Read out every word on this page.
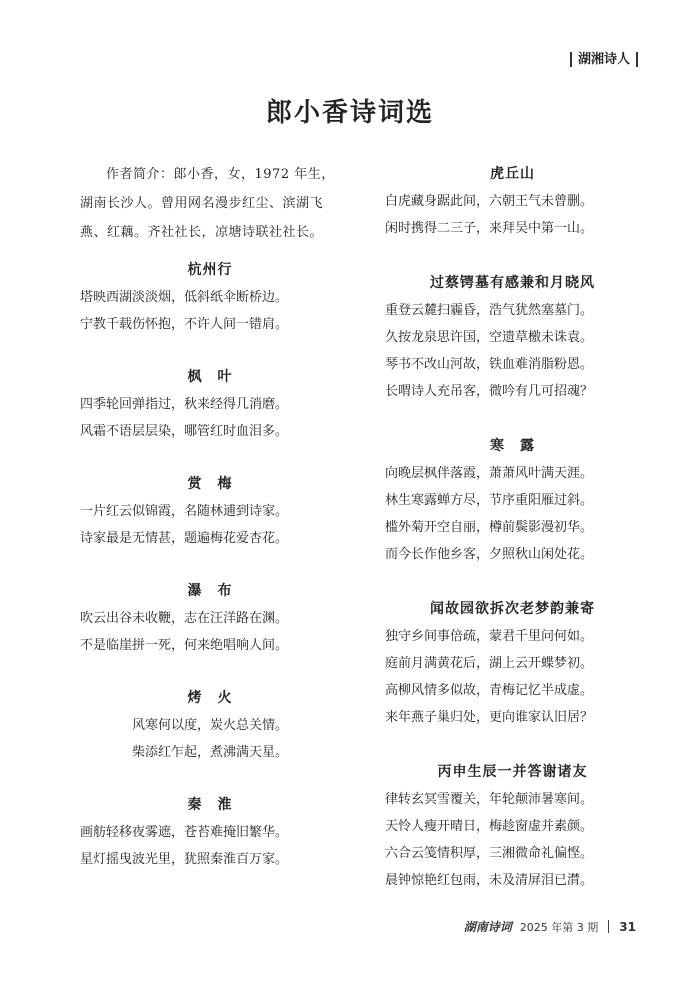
湖湘诗人
郎小香诗词选

作者简介：郎小香，女，1972 年生，湖南长沙人。曾用网名漫步红尘、滨湖飞燕、红藕。齐社社长，凉塘诗联社社长。

杭州行

塔映西湖淡淡烟，低斜纸伞断桥边。

宁教千载伤怀抱，不许人间一错肩。

枫　叶

四季轮回弹指过，秋来经得几消磨。

风霜不语层层染，哪管红时血泪多。

赏　梅

一片红云似锦霞，名随林逋到诗家。

诗家最是无情甚，题遍梅花爱杏花。

瀑　布

吹云出谷未收鞭，志在汪洋路在渊。

不是临崖拼一死，何来绝唱响人间。

烤　火

风寒何以度，炭火总关情。

柴添红乍起，煮沸满天星。

秦　淮

画舫轻移夜雾遮，苍苔难掩旧繁华。

星灯摇曳波光里，犹照秦淮百万家。

虎丘山

白虎藏身踞此间，六朝王气未曾删。

闲时携得二三子，来拜吴中第一山。

过蔡锷墓有感兼和月晓风

重登云麓扫霾昏，浩气犹然塞墓门。

久按龙泉思许国，空遗草檄未诛袁。

琴书不改山河故，铁血难消脂粉恩。

长喟诗人充吊客，微吟有几可招魂？

寒　露

向晚层枫伴落霞，萧萧风叶满天涯。

林生寒露蝉方尽，节序重阳雁过斜。

槛外菊开空自丽，樽前鬓影漫初华。

而今长作他乡客，夕照秋山闲处花。

闻故园欲拆次老梦韵兼寄

独守乡间事倍疏，蒙君千里问何如。

庭前月满黄花后，湖上云开蝶梦初。

高柳风情多似故，青梅记忆半成虚。

来年燕子巢归处，更向谁家认旧居？

丙申生辰一并答谢诸友

律转玄冥雪覆关，年轮颠沛暑寒间。

天怜人瘦开晴日，梅趁窗虚并素颜。

六合云笺情积厚，三湘微命礼偏悭。

晨钟惊艳红包雨，未及清屏泪已潸。

湖南诗词 2025 年第 3 期 31
